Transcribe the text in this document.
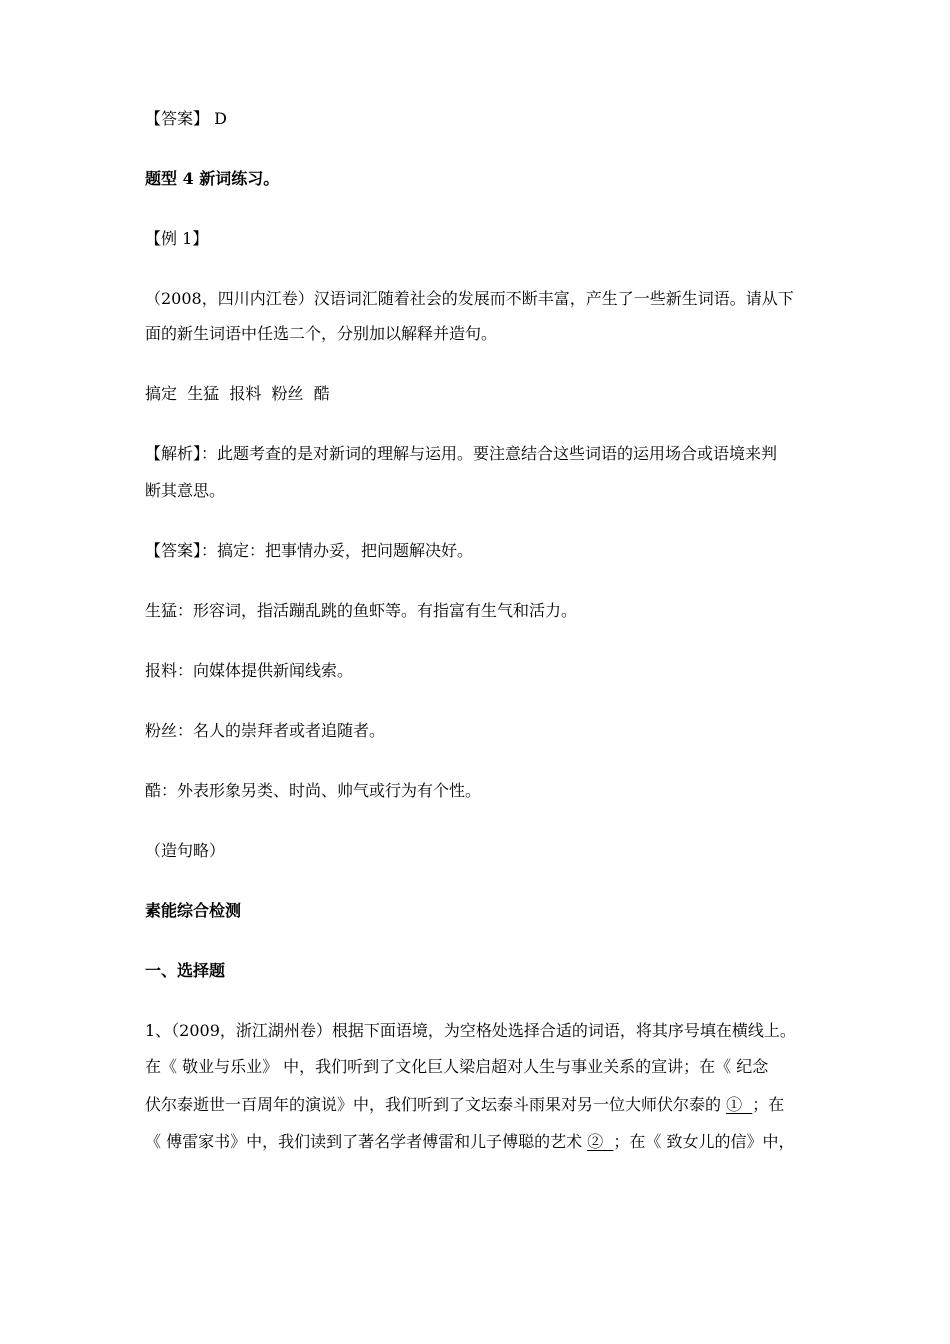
【答案】 D
题型 4 新词练习。
【例 1】
（2008，四川内江卷）汉语词汇随着社会的发展而不断丰富，产生了一些新生词语。请从下
面的新生词语中任选二个，分别加以解释并造句。
搞定  生猛  报料  粉丝  酷
【解析】：此题考查的是对新词的理解与运用。要注意结合这些词语的运用场合或语境来判
断其意思。
【答案】：搞定：把事情办妥，把问题解决好。
生猛：形容词，指活蹦乱跳的鱼虾等。有指富有生气和活力。
报料：向媒体提供新闻线索。
粉丝：名人的崇拜者或者追随者。
酷：外表形象另类、时尚、帅气或行为有个性。
（造句略）
素能综合检测
一、选择题
1、（2009，浙江湖州卷）根据下面语境，为空格处选择合适的词语，将其序号填在横线上。
在《 敬业与乐业》 中，我们听到了文化巨人梁启超对人生与事业关系的宣讲；在《 纪念
伏尔泰逝世一百周年的演说》中，我们听到了文坛泰斗雨果对另一位大师伏尔泰的 ①  ；在
《 傅雷家书》中，我们读到了著名学者傅雷和儿子傅聪的艺术 ②  ；在《 致女儿的信》中，
